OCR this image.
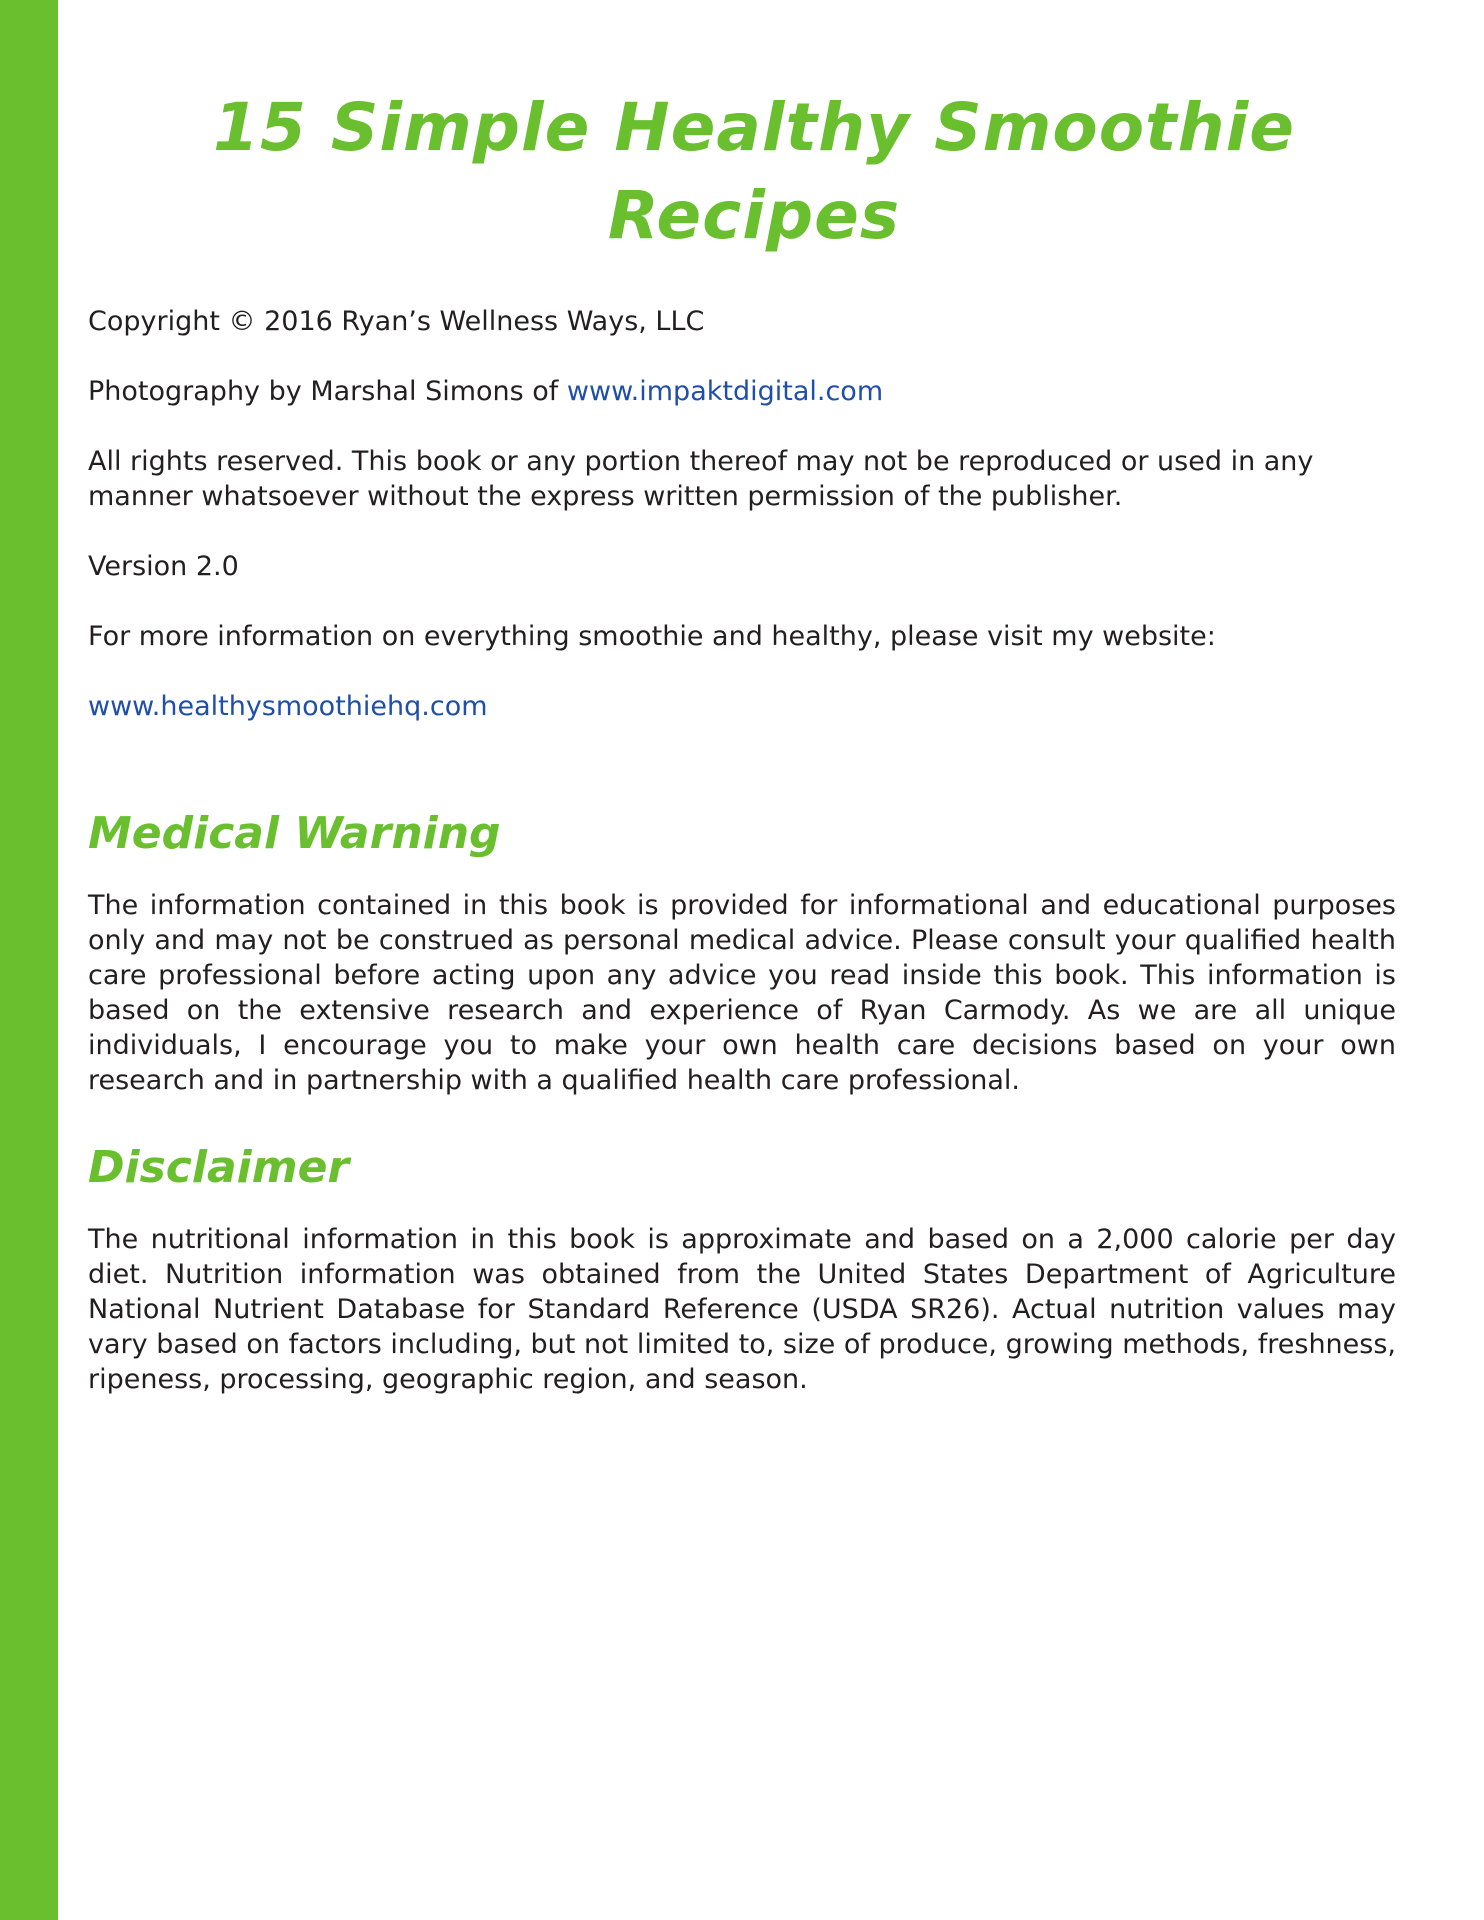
15 Simple Healthy Smoothie Recipes

Copyright © 2016 Ryan’s Wellness Ways, LLC

Photography by Marshal Simons of www.impaktdigital.com

All rights reserved. This book or any portion thereof may not be reproduced or used in any manner whatsoever without the express written permission of the publisher.

Version 2.0

For more information on everything smoothie and healthy, please visit my website:

www.healthysmoothiehq.com

Medical Warning

The information contained in this book is provided for informational and educational purposes only and may not be construed as personal medical advice. Please consult your qualified health care professional before acting upon any advice you read inside this book. This information is based on the extensive research and experience of Ryan Carmody. As we are all unique individuals, I encourage you to make your own health care decisions based on your own research and in partnership with a qualified health care professional.

Disclaimer

The nutritional information in this book is approximate and based on a 2,000 calorie per day diet. Nutrition information was obtained from the United States Department of Agriculture National Nutrient Database for Standard Reference (USDA SR26). Actual nutrition values may vary based on factors including, but not limited to, size of produce, growing methods, freshness, ripeness, processing, geographic region, and season.
